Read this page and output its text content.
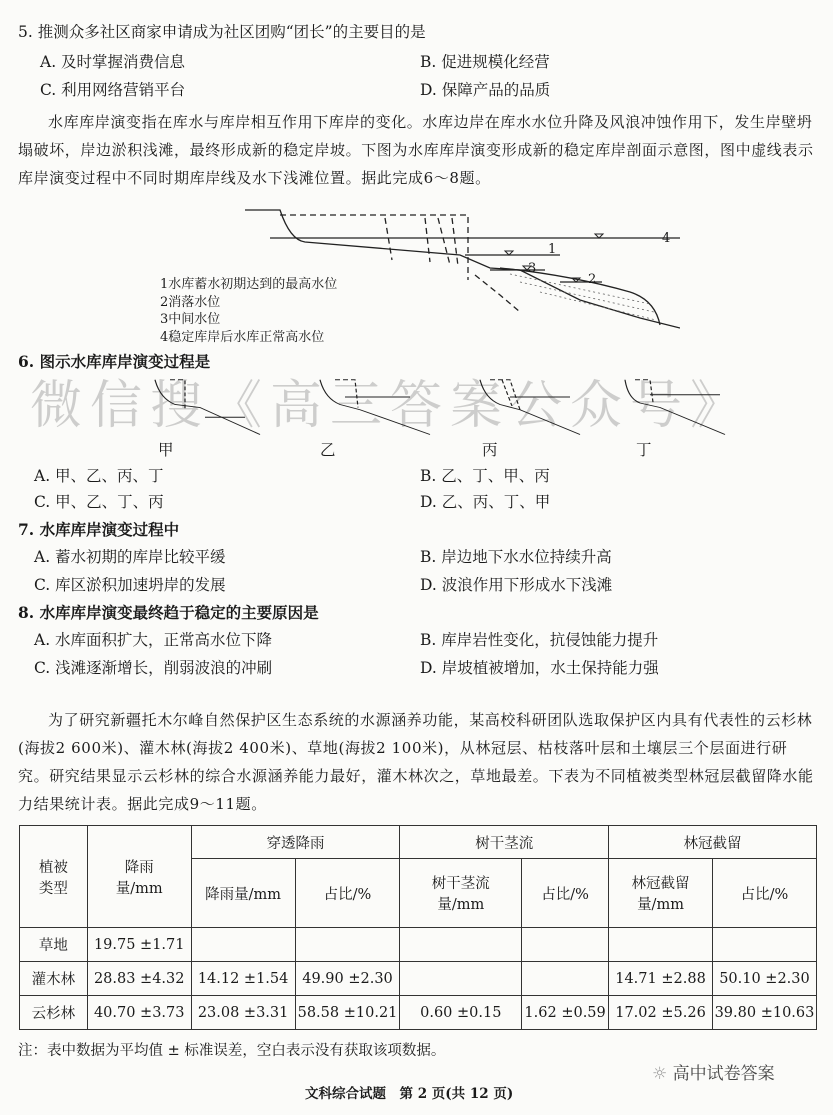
5. 推测众多社区商家申请成为社区团购“团长”的主要目的是
A. 及时掌握消费信息	B. 促进规模化经营
C. 利用网络营销平台	D. 保障产品的品质
水库库岸演变指在库水与库岸相互作用下库岸的变化。水库边岸在库水水位升降及风浪冲蚀作用下，发生岸壁坍塌破坏，岸边淤积浅滩，最终形成新的稳定岸坡。下图为水库库岸演变形成新的稳定库岸剖面示意图，图中虚线表示库岸演变过程中不同时期库岸线及水下浅滩位置。据此完成6～8题。
4
1
3
2
1水库蓄水初期达到的最高水位
2消落水位
3中间水位
4稳定库岸后水库正常高水位
6. 图示水库库岸演变过程是
微信搜《高三答案公众号》
甲	乙	丙	丁
A. 甲、乙、丙、丁	B. 乙、丁、甲、丙
C. 甲、乙、丁、丙	D. 乙、丙、丁、甲
7. 水库库岸演变过程中
A. 蓄水初期的库岸比较平缓	B. 岸边地下水水位持续升高
C. 库区淤积加速坍岸的发展	D. 波浪作用下形成水下浅滩
8. 水库库岸演变最终趋于稳定的主要原因是
A. 水库面积扩大，正常高水位下降	B. 库岸岩性变化，抗侵蚀能力提升
C. 浅滩逐渐增长，削弱波浪的冲刷	D. 岸坡植被增加，水土保持能力强
为了研究新疆托木尔峰自然保护区生态系统的水源涵养功能，某高校科研团队选取保护区内具有代表性的云杉林(海拔2 600米)、灌木林(海拔2 400米)、草地(海拔2 100米)，从林冠层、枯枝落叶层和土壤层三个层面进行研究。研究结果显示云杉林的综合水源涵养能力最好，灌木林次之，草地最差。下表为不同植被类型林冠层截留降水能力结果统计表。据此完成9～11题。
植被类型	降雨量/mm	穿透降雨		树干茎流		林冠截留	
		降雨量/mm	占比/%	树干茎流量/mm	占比/%	林冠截留量/mm	占比/%
草地	19.75 ±1.71						
灌木林	28.83 ±4.32	14.12 ±1.54	49.90 ±2.30			14.71 ±2.88	50.10 ±2.30
云杉林	40.70 ±3.73	23.08 ±3.31	58.58 ±10.21	0.60 ±0.15	1.62 ±0.59	17.02 ±5.26	39.80 ±10.63
注：表中数据为平均值 ± 标准误差，空白表示没有获取该项数据。
文科综合试题　第 2 页(共 12 页)
☼ 高中试卷答案
